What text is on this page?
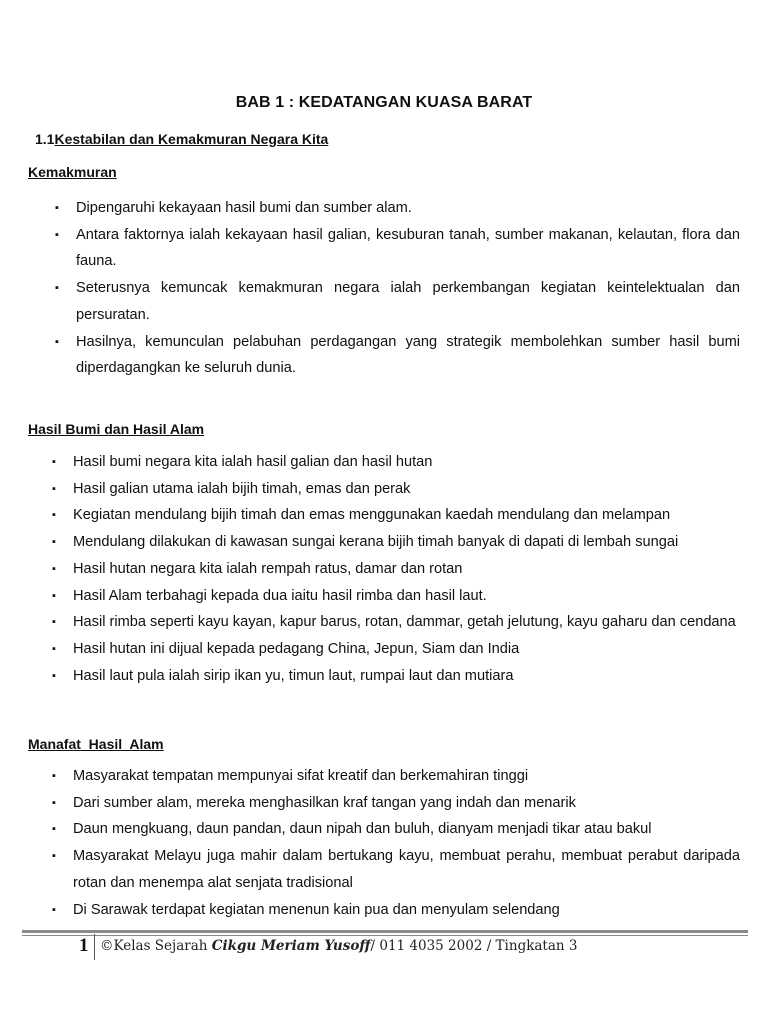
BAB 1 : KEDATANGAN KUASA BARAT
1.1Kestabilan dan Kemakmuran Negara Kita
Kemakmuran
▪ Dipengaruhi kekayaan hasil bumi dan sumber alam.
▪ Antara faktornya ialah kekayaan hasil galian, kesuburan tanah, sumber makanan, kelautan, flora dan fauna.
▪ Seterusnya kemuncak kemakmuran negara ialah perkembangan kegiatan keintelektualan dan persuratan.
▪ Hasilnya, kemunculan pelabuhan perdagangan yang strategik membolehkan sumber hasil bumi diperdagangkan ke seluruh dunia.
Hasil Bumi dan Hasil Alam
▪ Hasil bumi negara kita ialah hasil galian dan hasil hutan
▪ Hasil galian utama ialah bijih timah, emas dan perak
▪ Kegiatan mendulang bijih timah dan emas menggunakan kaedah mendulang dan melampan
▪ Mendulang dilakukan di kawasan sungai kerana bijih timah banyak di dapati di lembah sungai
▪ Hasil hutan negara kita ialah rempah ratus, damar dan rotan
▪ Hasil Alam terbahagi kepada dua iaitu hasil rimba dan hasil laut.
▪ Hasil rimba seperti kayu kayan, kapur barus, rotan, dammar, getah jelutung, kayu gaharu dan cendana
▪ Hasil hutan ini dijual kepada pedagang China, Jepun, Siam dan India
▪ Hasil laut pula ialah sirip ikan yu, timun laut, rumpai laut dan mutiara
Manafat  Hasil  Alam
▪ Masyarakat tempatan mempunyai sifat kreatif dan berkemahiran tinggi
▪ Dari sumber alam, mereka menghasilkan kraf tangan yang indah dan menarik
▪ Daun mengkuang, daun pandan, daun nipah dan buluh, dianyam menjadi tikar atau bakul
▪ Masyarakat Melayu juga mahir dalam bertukang kayu, membuat perahu, membuat perabut daripada rotan dan menempa alat senjata tradisional
▪ Di Sarawak terdapat kegiatan menenun kain pua dan menyulam selendang
1 ©Kelas Sejarah Cikgu Meriam Yusoff/ 011 4035 2002 / Tingkatan 3
